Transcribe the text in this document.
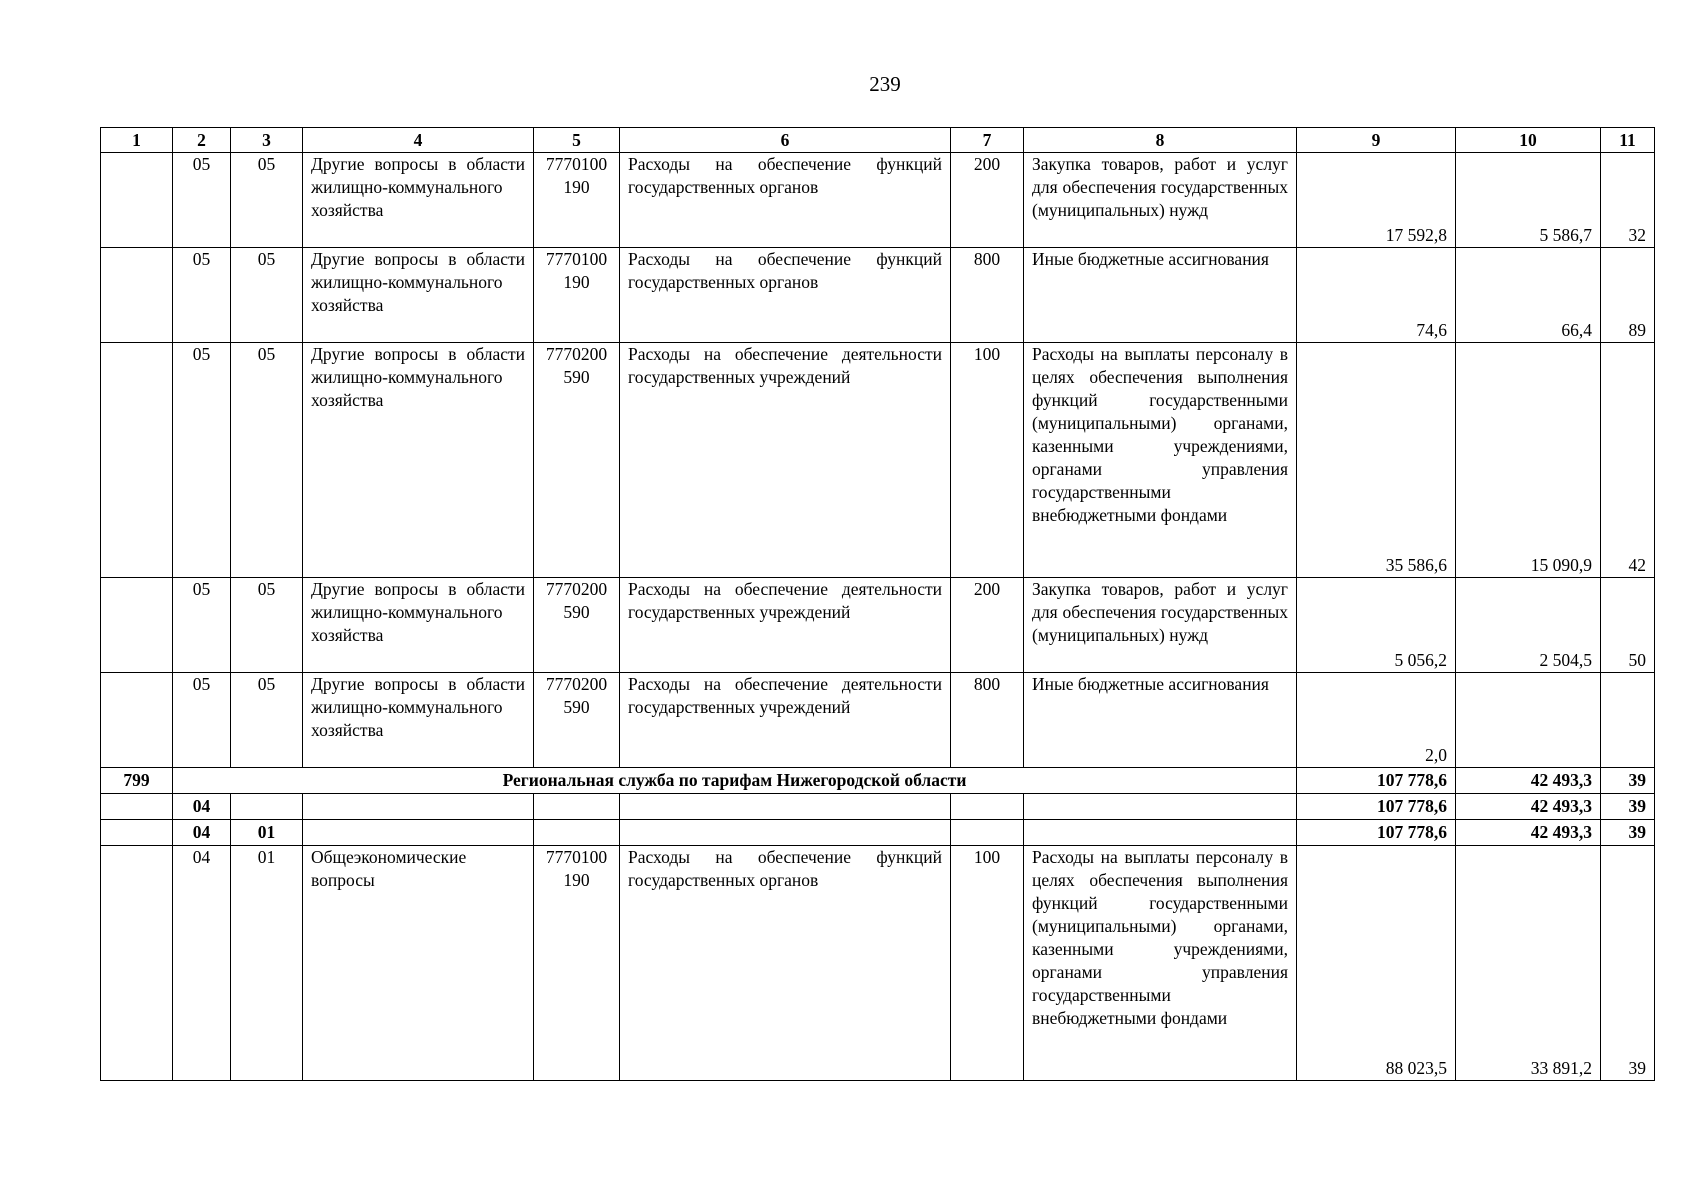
239
1	2	3	4	5	6	7	8	9	10	11
	05	05	Другие вопросы в области жилищно-коммунального хозяйства	7770100190	Расходы на обеспечение функций государственных органов	200	Закупка товаров, работ и услуг для обеспечения государственных (муниципальных) нужд	17 592,8	5 586,7	32
	05	05	Другие вопросы в области жилищно-коммунального хозяйства	7770100190	Расходы на обеспечение функций государственных органов	800	Иные бюджетные ассигнования	74,6	66,4	89
	05	05	Другие вопросы в области жилищно-коммунального хозяйства	7770200590	Расходы на обеспечение деятельности государственных учреждений	100	Расходы на выплаты персоналу в целях обеспечения выполнения функций государственными (муниципальными) органами, казенными учреждениями, органами управления государственными внебюджетными фондами	35 586,6	15 090,9	42
	05	05	Другие вопросы в области жилищно-коммунального хозяйства	7770200590	Расходы на обеспечение деятельности государственных учреждений	200	Закупка товаров, работ и услуг для обеспечения государственных (муниципальных) нужд	5 056,2	2 504,5	50
	05	05	Другие вопросы в области жилищно-коммунального хозяйства	7770200590	Расходы на обеспечение деятельности государственных учреждений	800	Иные бюджетные ассигнования	2,0		
799	Региональная служба по тарифам Нижегородской области							107 778,6	42 493,3	39
	04							107 778,6	42 493,3	39
	04	01						107 778,6	42 493,3	39
	04	01	Общеэкономические вопросы	7770100190	Расходы на обеспечение функций государственных органов	100	Расходы на выплаты персоналу в целях обеспечения выполнения функций государственными (муниципальными) органами, казенными учреждениями, органами управления государственными внебюджетными фондами	88 023,5	33 891,2	39
